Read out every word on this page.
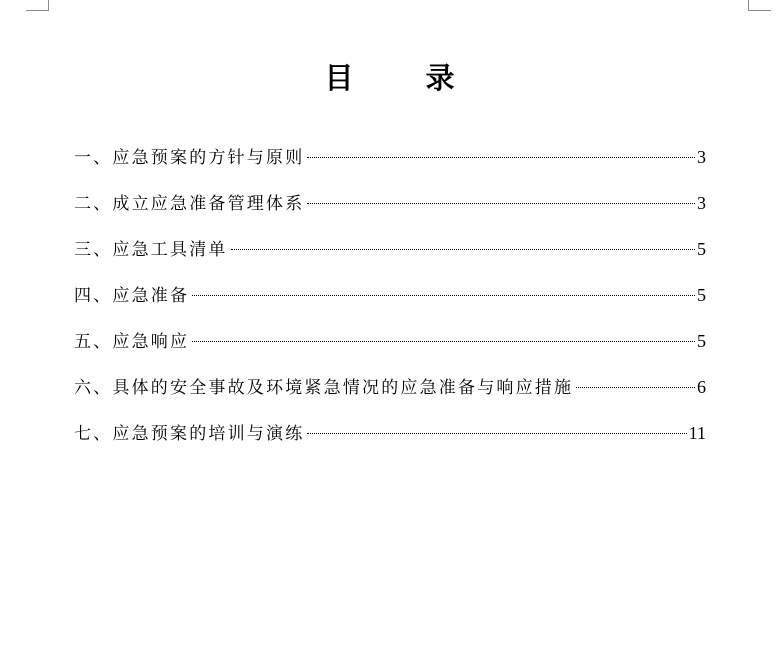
目 录
一、应急预案的方针与原则	3
二、成立应急准备管理体系	3
三、应急工具清单	5
四、应急准备	5
五、应急响应	5
六、具体的安全事故及环境紧急情况的应急准备与响应措施	6
七、应急预案的培训与演练	11
